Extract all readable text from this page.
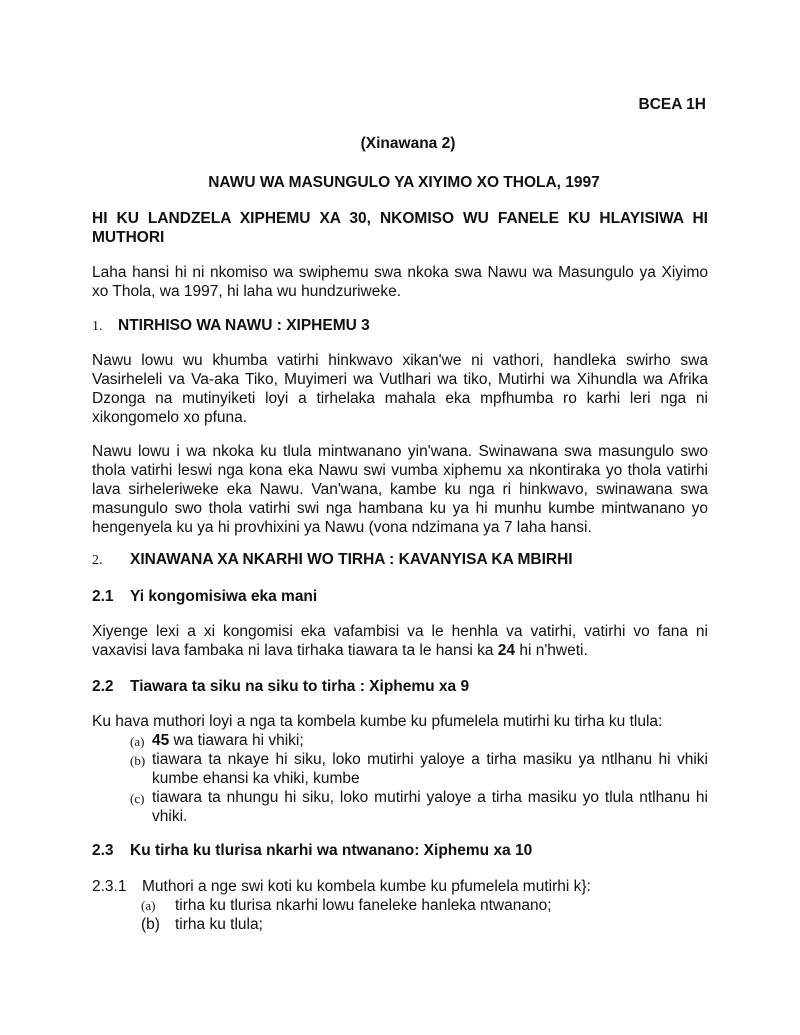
BCEA 1H
(Xinawana 2)
NAWU WA MASUNGULO YA XIYIMO XO THOLA, 1997
HI KU LANDZELA XIPHEMU XA 30, NKOMISO WU FANELE KU HLAYISIWA HI MUTHORI
Laha hansi hi ni nkomiso wa swiphemu swa nkoka swa Nawu wa Masungulo ya Xiyimo xo Thola, wa 1997, hi laha wu hundzuriweke.
1. NTIRHISO WA NAWU : XIPHEMU 3
Nawu lowu wu khumba vatirhi hinkwavo xikan'we ni vathori, handleka swirho swa Vasirheleli va Va-aka Tiko, Muyimeri wa Vutlhari wa tiko, Mutirhi wa Xihundla wa Afrika Dzonga na mutinyiketi loyi a tirhelaka mahala eka mpfhumba ro karhi leri nga ni xikongomelo xo pfuna.
Nawu lowu i wa nkoka ku tlula mintwanano yin'wana. Swinawana swa masungulo swo thola vatirhi leswi nga kona eka Nawu swi vumba xiphemu xa nkontiraka yo thola vatirhi lava sirheleriweke eka Nawu. Van'wana, kambe ku nga ri hinkwavo, swinawana swa masungulo swo thola vatirhi swi nga hambana ku ya hi munhu kumbe mintwanano yo hengenyela ku ya hi provhixini ya Nawu (vona ndzimana ya 7 laha hansi.
2. XINAWANA XA NKARHI WO TIRHA : KAVANYISA KA MBIRHI
2.1 Yi kongomisiwa eka mani
Xiyenge lexi a xi kongomisi eka vafambisi va le henhla va vatirhi, vatirhi vo fana ni vaxavisi lava fambaka ni lava tirhaka tiawara ta le hansi ka 24 hi n'hweti.
2.2 Tiawara ta siku na siku to tirha : Xiphemu xa 9
Ku hava muthori loyi a nga ta kombela kumbe ku pfumelela mutirhi ku tirha ku tlula:
(a) 45 wa tiawara hi vhiki;
(b) tiawara ta nkaye hi siku, loko mutirhi yaloye a tirha masiku ya ntlhanu hi vhiki kumbe ehansi ka vhiki, kumbe
(c) tiawara ta nhungu hi siku, loko mutirhi yaloye a tirha masiku yo tlula ntlhanu hi vhiki.
2.3 Ku tirha ku tlurisa nkarhi wa ntwanano: Xiphemu xa 10
2.3.1 Muthori a nge swi koti ku kombela kumbe ku pfumelela mutirhi k}:
(a) tirha ku tlurisa nkarhi lowu faneleke hanleka ntwanano;
(b) tirha ku tlula;
